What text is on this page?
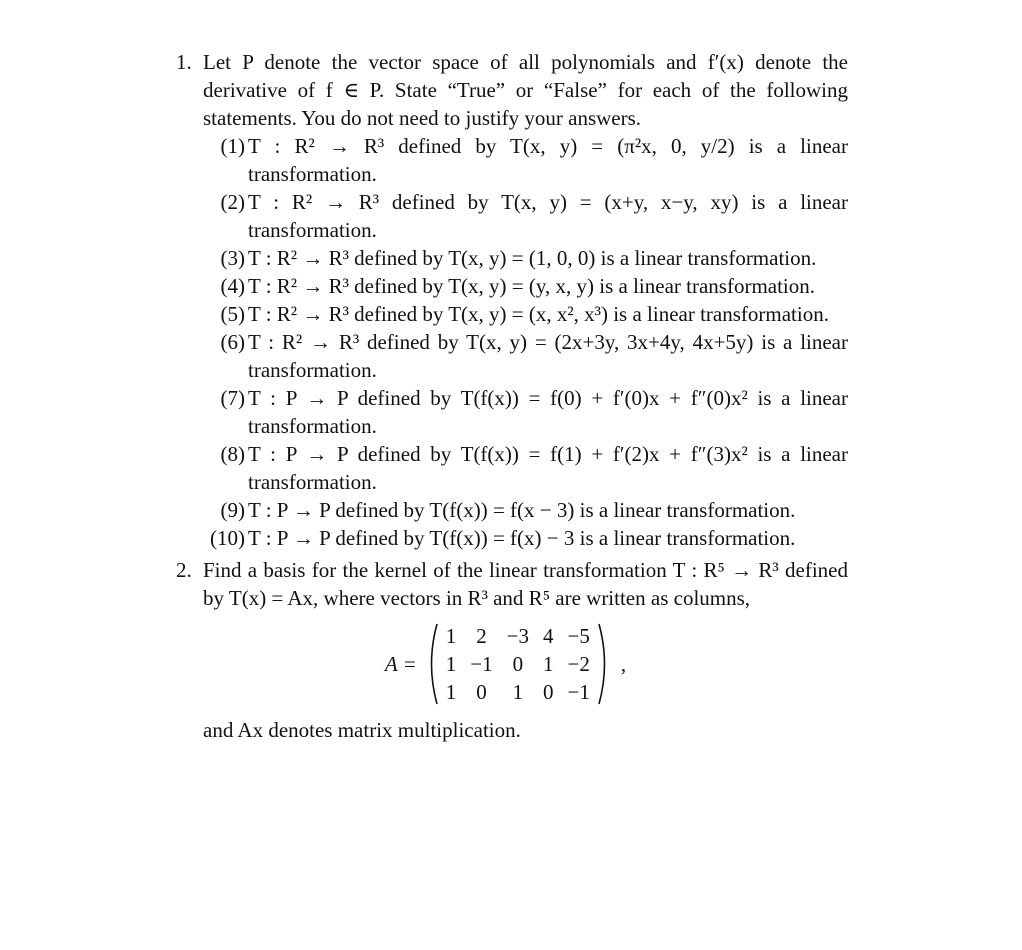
1. Let P denote the vector space of all polynomials and f′(x) denote the derivative of f ∈ P. State “True” or “False” for each of the following statements. You do not need to justify your answers.
(1) T : R² → R³ defined by T(x, y) = (π²x, 0, y/2) is a linear transformation.
(2) T : R² → R³ defined by T(x, y) = (x+y, x−y, xy) is a linear transformation.
(3) T : R² → R³ defined by T(x, y) = (1, 0, 0) is a linear transformation.
(4) T : R² → R³ defined by T(x, y) = (y, x, y) is a linear transformation.
(5) T : R² → R³ defined by T(x, y) = (x, x², x³) is a linear transformation.
(6) T : R² → R³ defined by T(x, y) = (2x+3y, 3x+4y, 4x+5y) is a linear transformation.
(7) T : P → P defined by T(f(x)) = f(0) + f′(0)x + f″(0)x² is a linear transformation.
(8) T : P → P defined by T(f(x)) = f(1) + f′(2)x + f″(3)x² is a linear transformation.
(9) T : P → P defined by T(f(x)) = f(x − 3) is a linear transformation.
(10) T : P → P defined by T(f(x)) = f(x) − 3 is a linear transformation.
2. Find a basis for the kernel of the linear transformation T : R⁵ → R³ defined by T(x) = Ax, where vectors in R³ and R⁵ are written as columns,
A =
1	2	−3	4	−5
1	−1	0	1	−2
1	0	1	0	−1
,
and Ax denotes matrix multiplication.
